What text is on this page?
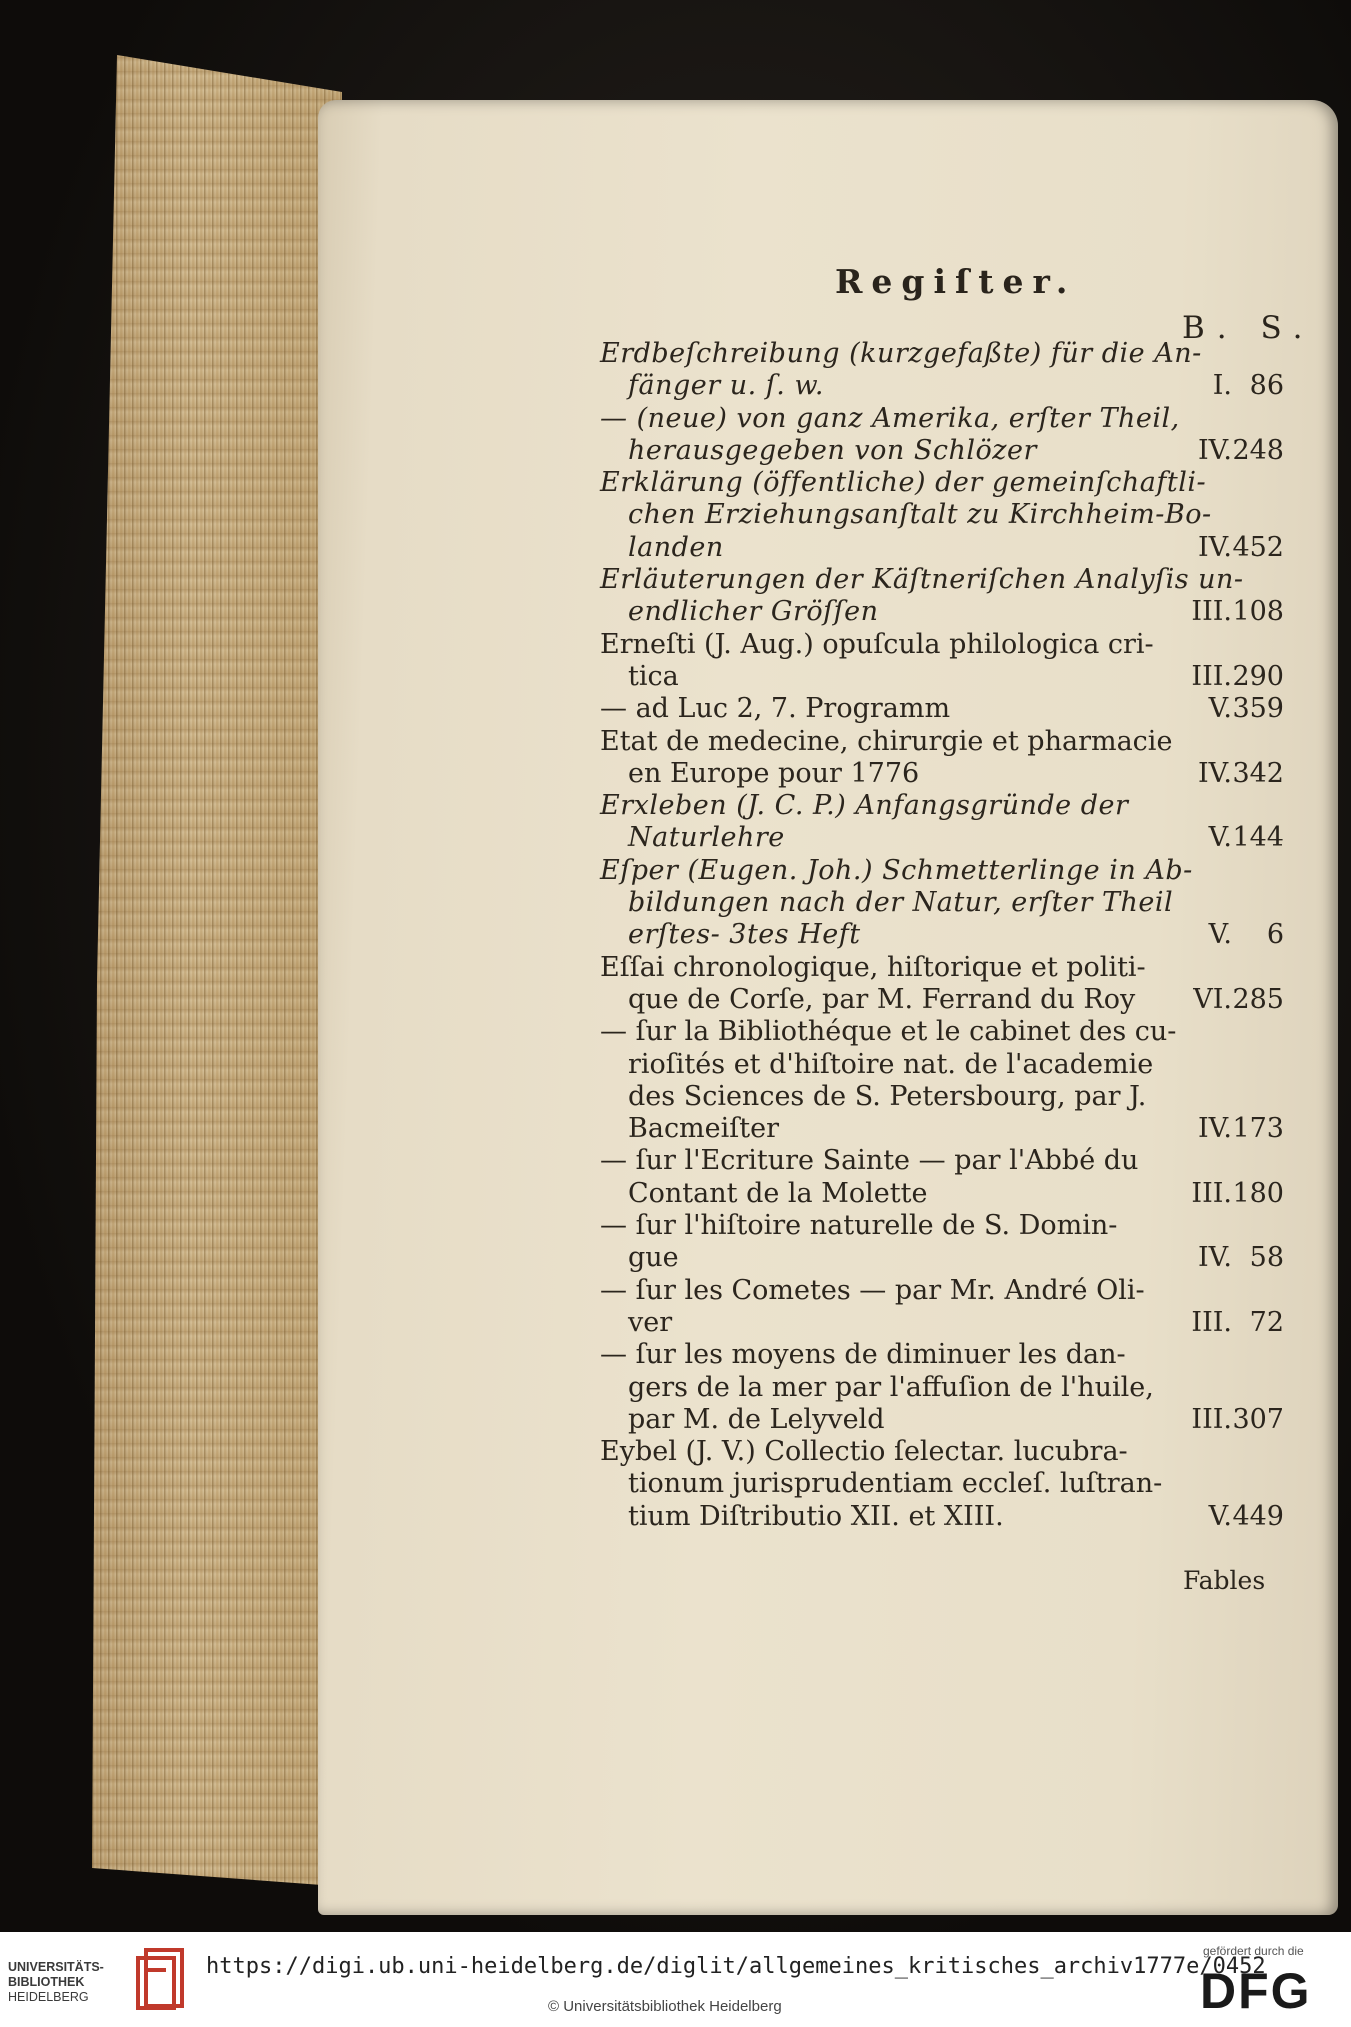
Regiſter.
B. S.
Erdbeſchreibung (kurzgefaßte) für die An-
fänger u. ſ. w.	I. 86
— (neue) von ganz Amerika, erſter Theil,
herausgegeben von Schlözer	IV. 248
Erklärung (öffentliche) der gemeinſchaftli-
chen Erziehungsanſtalt zu Kirchheim-Bo-
landen	IV. 452
Erläuterungen der Käſtneriſchen Analyſis un-
endlicher Gröſſen	III. 108
Erneſti (J. Aug.) opuſcula philologica cri-
tica	III. 290
— ad Luc 2, 7. Programm	V. 359
Etat de medecine, chirurgie et pharmacie
en Europe pour 1776	IV. 342
Erxleben (J. C. P.) Anfangsgründe der
Naturlehre	V. 144
Eſper (Eugen. Joh.) Schmetterlinge in Ab-
bildungen nach der Natur, erſter Theil
erſtes- 3tes Heft	V.	6
Eſſai chronologique, hiſtorique et politi-
que de Corſe, par M. Ferrand du Roy VI. 285
— ſur la Bibliothéque et le cabinet des cu-
rioſités et d'hiſtoire nat. de l'academie
des Sciences de S. Petersbourg, par J.
Bacmeiſter	IV. 173
— ſur l'Ecriture Sainte — par l'Abbé du
Contant de la Molette	III. 180
— ſur l'hiſtoire naturelle de S. Domin-
gue	IV. 58
— ſur les Cometes — par Mr. André Oli-
ver	III. 72
— ſur les moyens de diminuer les dan-
gers de la mer par l'affuſion de l'huile,
par M. de Lelyveld	III. 307
Eybel (J. V.) Collectio ſelectar. lucubra-
tionum jurisprudentiam eccleſ. luſtran-
tium Diſtributio XII. et XIII.	V. 449
Fables
UNIVERSITÄTS-
BIBLIOTHEK
HEIDELBERG
https://digi.ub.uni-heidelberg.de/diglit/allgemeines_kritisches_archiv1777e/0452
© Universitätsbibliothek Heidelberg
gefördert durch die
DFG
